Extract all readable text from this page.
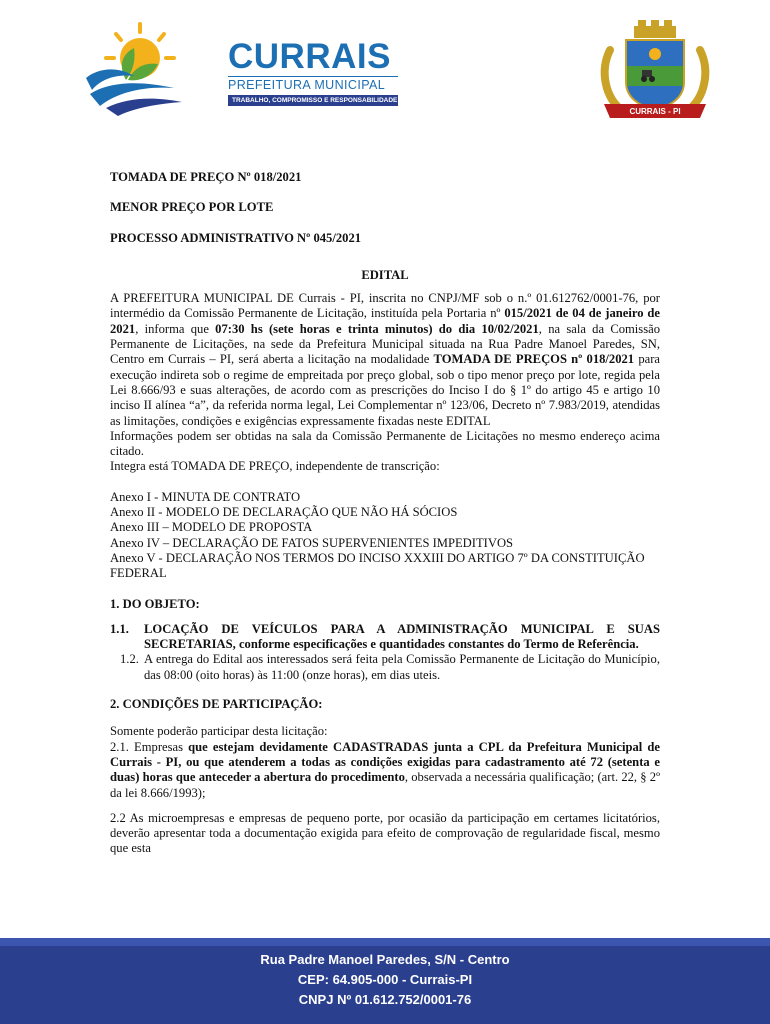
CURRAIS
PREFEITURA MUNICIPAL
TRABALHO, COMPROMISSO E RESPONSABILIDADE
CURRAIS - PI
TOMADA DE PREÇO Nº 018/2021
MENOR PREÇO POR LOTE
PROCESSO ADMINISTRATIVO Nº 045/2021
EDITAL

A PREFEITURA MUNICIPAL DE Currais - PI, inscrita no CNPJ/MF sob o n.º 01.612762/0001-76, por intermédio da Comissão Permanente de Licitação, instituída pela Portaria nº 015/2021 de 04 de janeiro de 2021, informa que 07:30 hs (sete horas e trinta minutos) do dia 10/02/2021, na sala da Comissão Permanente de Licitações, na sede da Prefeitura Municipal situada na Rua Padre Manoel Paredes, SN, Centro em Currais – PI, será aberta a licitação na modalidade TOMADA DE PREÇOS nº 018/2021 para execução indireta sob o regime de empreitada por preço global, sob o tipo menor preço por lote, regida pela Lei 8.666/93 e suas alterações, de acordo com as prescrições do Inciso I do § 1º do artigo 45 e artigo 10 inciso II alínea “a”, da referida norma legal, Lei Complementar nº 123/06, Decreto nº 7.983/2019, atendidas as limitações, condições e exigências expressamente fixadas neste EDITAL

Informações podem ser obtidas na sala da Comissão Permanente de Licitações no mesmo endereço acima citado.

Integra está TOMADA DE PREÇO, independente de transcrição:

Anexo I - MINUTA DE CONTRATO
Anexo II - MODELO DE DECLARAÇÃO QUE NÃO HÁ SÓCIOS
Anexo III – MODELO DE PROPOSTA
Anexo IV – DECLARAÇÃO DE FATOS SUPERVENIENTES IMPEDITIVOS
Anexo V - DECLARAÇÃO NOS TERMOS DO INCISO XXXIII DO ARTIGO 7º DA CONSTITUIÇÃO FEDERAL
1. DO OBJETO:
1.1. LOCAÇÃO DE VEÍCULOS PARA A ADMINISTRAÇÃO MUNICIPAL E SUAS SECRETARIAS, conforme especificações e quantidades constantes do Termo de Referência.
1.2. A entrega do Edital aos interessados será feita pela Comissão Permanente de Licitação do Município, das 08:00 (oito horas) às 11:00 (onze horas), em dias uteis.
2. CONDIÇÕES DE PARTICIPAÇÃO:

Somente poderão participar desta licitação:

2.1. Empresas que estejam devidamente CADASTRADAS junta a CPL da Prefeitura Municipal de Currais - PI, ou que atenderem a todas as condições exigidas para cadastramento até 72 (setenta e duas) horas que anteceder a abertura do procedimento, observada a necessária qualificação; (art. 22, § 2º da lei 8.666/1993);

2.2 As microempresas e empresas de pequeno porte, por ocasião da participação em certames licitatórios, deverão apresentar toda a documentação exigida para efeito de comprovação de regularidade fiscal, mesmo que esta

Rua Padre Manoel Paredes, S/N - Centro
CEP: 64.905-000 - Currais-PI
CNPJ Nº 01.612.752/0001-76
